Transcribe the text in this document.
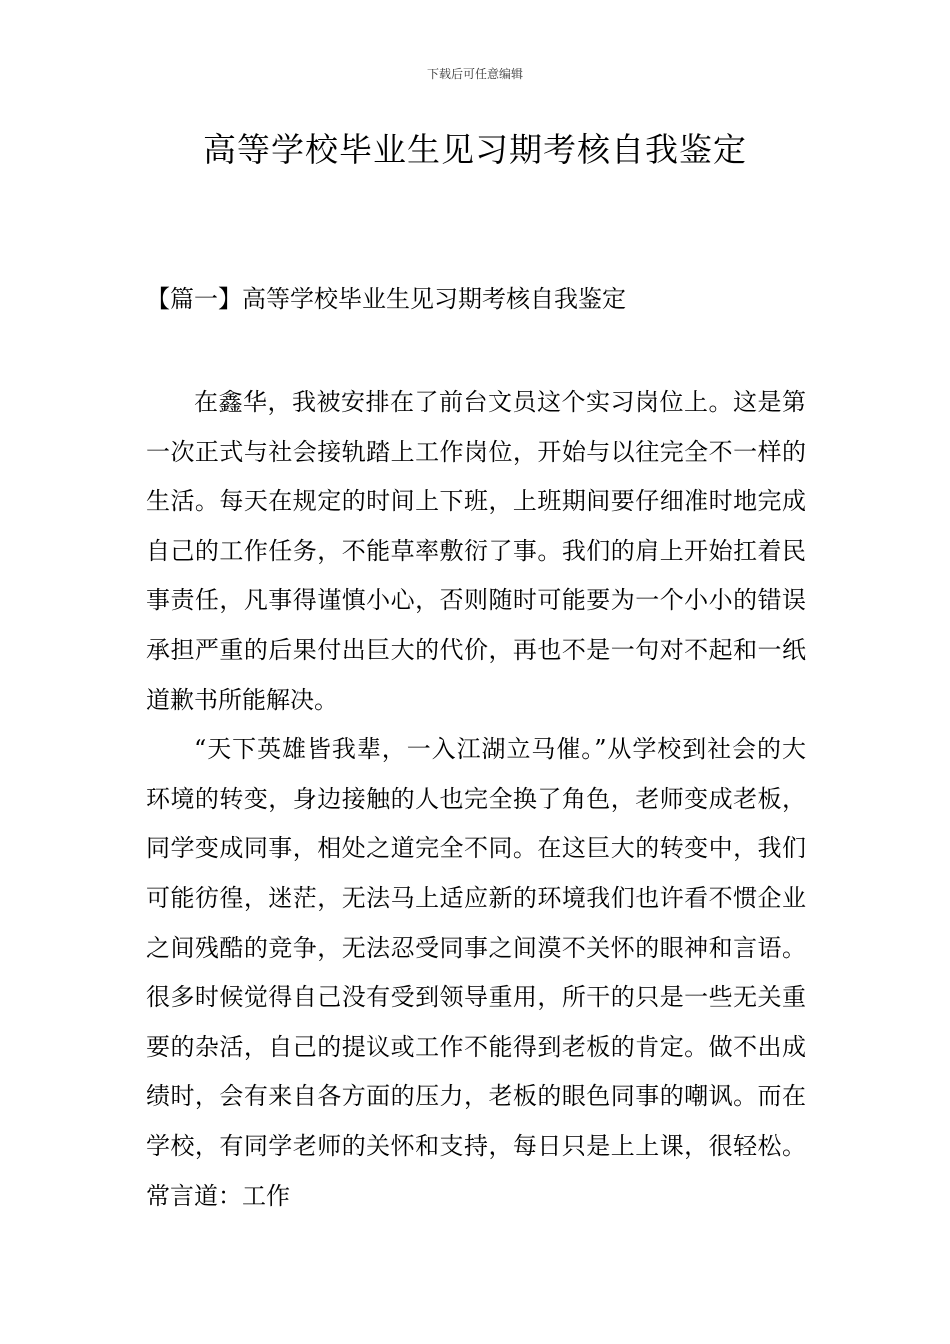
下载后可任意编辑
高等学校毕业生见习期考核自我鉴定
【篇一】高等学校毕业生见习期考核自我鉴定

在鑫华，我被安排在了前台文员这个实习岗位上。这是第一次正式与社会接轨踏上工作岗位，开始与以往完全不一样的生活。每天在规定的时间上下班，上班期间要仔细准时地完成自己的工作任务，不能草率敷衍了事。我们的肩上开始扛着民事责任，凡事得谨慎小心，否则随时可能要为一个小小的错误承担严重的后果付出巨大的代价，再也不是一句对不起和一纸道歉书所能解决。

“天下英雄皆我辈，一入江湖立马催。”从学校到社会的大环境的转变，身边接触的人也完全换了角色，老师变成老板，同学变成同事，相处之道完全不同。在这巨大的转变中，我们可能彷徨，迷茫，无法马上适应新的环境我们也许看不惯企业之间残酷的竞争，无法忍受同事之间漠不关怀的眼神和言语。很多时候觉得自己没有受到领导重用，所干的只是一些无关重要的杂活，自己的提议或工作不能得到老板的肯定。做不出成绩时，会有来自各方面的压力，老板的眼色同事的嘲讽。而在学校，有同学老师的关怀和支持，每日只是上上课，很轻松。常言道：工作
